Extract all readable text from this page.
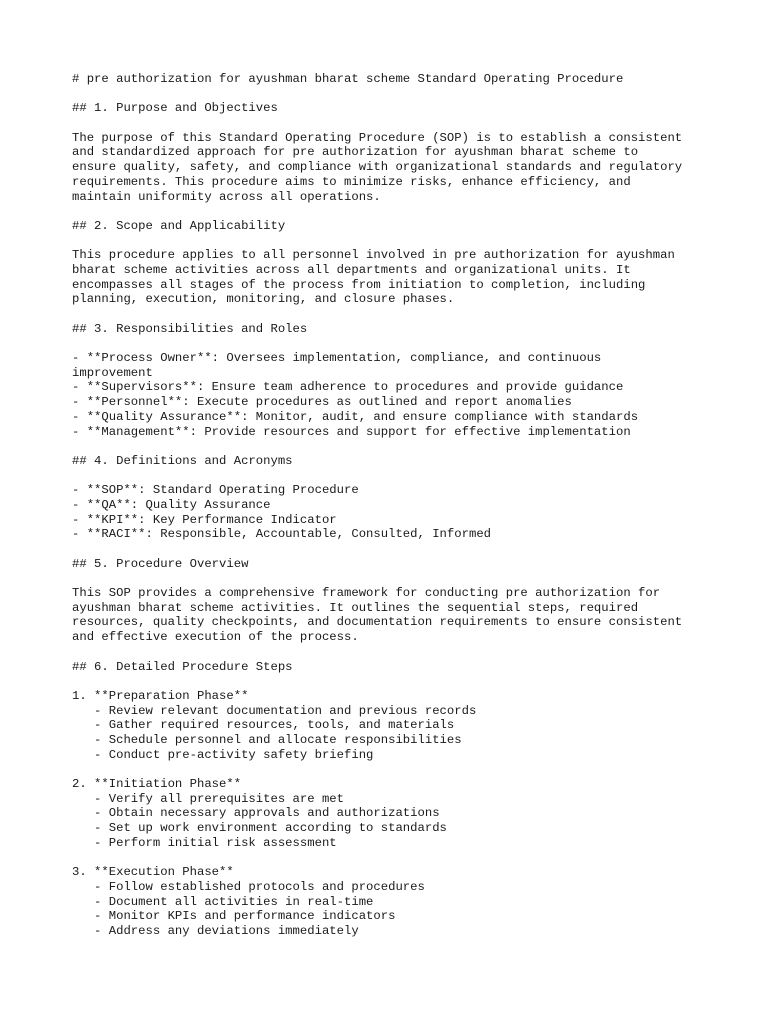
# pre authorization for ayushman bharat scheme Standard Operating Procedure
## 1. Purpose and Objectives
The purpose of this Standard Operating Procedure (SOP) is to establish a consistent
and standardized approach for pre authorization for ayushman bharat scheme to
ensure quality, safety, and compliance with organizational standards and regulatory
requirements. This procedure aims to minimize risks, enhance efficiency, and
maintain uniformity across all operations.
## 2. Scope and Applicability
This procedure applies to all personnel involved in pre authorization for ayushman
bharat scheme activities across all departments and organizational units. It
encompasses all stages of the process from initiation to completion, including
planning, execution, monitoring, and closure phases.
## 3. Responsibilities and Roles
- **Process Owner**: Oversees implementation, compliance, and continuous
improvement
- **Supervisors**: Ensure team adherence to procedures and provide guidance
- **Personnel**: Execute procedures as outlined and report anomalies
- **Quality Assurance**: Monitor, audit, and ensure compliance with standards
- **Management**: Provide resources and support for effective implementation
## 4. Definitions and Acronyms
- **SOP**: Standard Operating Procedure
- **QA**: Quality Assurance
- **KPI**: Key Performance Indicator
- **RACI**: Responsible, Accountable, Consulted, Informed
## 5. Procedure Overview
This SOP provides a comprehensive framework for conducting pre authorization for
ayushman bharat scheme activities. It outlines the sequential steps, required
resources, quality checkpoints, and documentation requirements to ensure consistent
and effective execution of the process.
## 6. Detailed Procedure Steps
1. **Preparation Phase**
- Review relevant documentation and previous records
- Gather required resources, tools, and materials
- Schedule personnel and allocate responsibilities
- Conduct pre-activity safety briefing
2. **Initiation Phase**
- Verify all prerequisites are met
- Obtain necessary approvals and authorizations
- Set up work environment according to standards
- Perform initial risk assessment
3. **Execution Phase**
- Follow established protocols and procedures
- Document all activities in real-time
- Monitor KPIs and performance indicators
- Address any deviations immediately
